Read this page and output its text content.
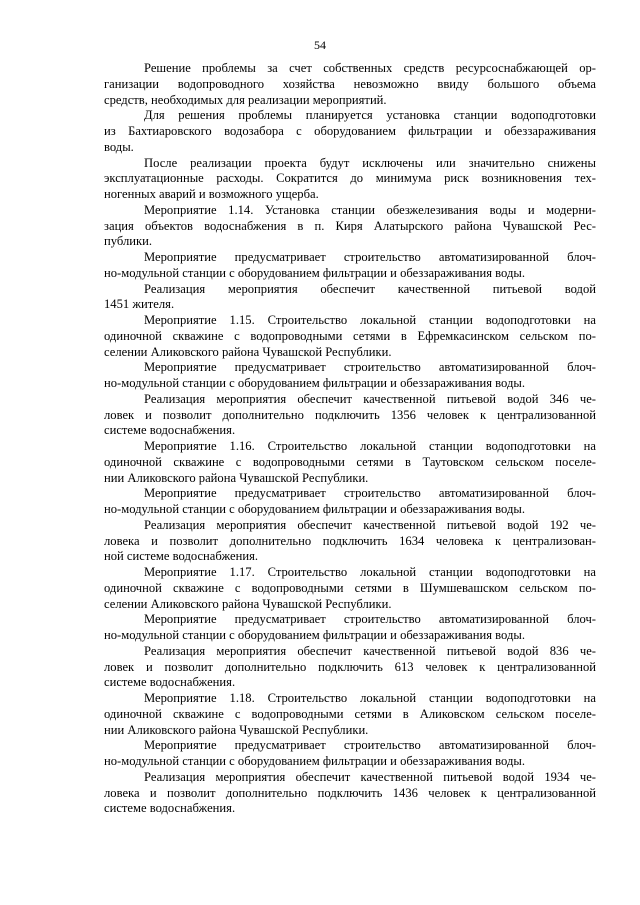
54
Решение проблемы за счет собственных средств ресурсоснабжающей ор-
ганизации водопроводного хозяйства невозможно ввиду большого объема
средств, необходимых для реализации мероприятий.
Для решения проблемы планируется установка станции водоподготовки
из Бахтиаровского водозабора с оборудованием фильтрации и обеззараживания
воды.
После реализации проекта будут исключены или значительно снижены
эксплуатационные расходы. Сократится до минимума риск возникновения тех-
ногенных аварий и возможного ущерба.
Мероприятие 1.14. Установка станции обезжелезивания воды и модерни-
зация объектов водоснабжения в п. Киря Алатырского района Чувашской Рес-
публики.
Мероприятие предусматривает строительство автоматизированной блоч-
но-модульной станции с оборудованием фильтрации и обеззараживания воды.
Реализация мероприятия обеспечит качественной питьевой водой
1451 жителя.
Мероприятие 1.15. Строительство локальной станции водоподготовки на
одиночной скважине с водопроводными сетями в Ефремкасинском сельском по-
селении Аликовского района Чувашской Республики.
Мероприятие предусматривает строительство автоматизированной блоч-
но-модульной станции с оборудованием фильтрации и обеззараживания воды.
Реализация мероприятия обеспечит качественной питьевой водой 346 че-
ловек и позволит дополнительно подключить 1356 человек к централизованной
системе водоснабжения.
Мероприятие 1.16. Строительство локальной станции водоподготовки на
одиночной скважине с водопроводными сетями в Таутовском сельском поселе-
нии Аликовского района Чувашской Республики.
Мероприятие предусматривает строительство автоматизированной блоч-
но-модульной станции с оборудованием фильтрации и обеззараживания воды.
Реализация мероприятия обеспечит качественной питьевой водой 192 че-
ловека и позволит дополнительно подключить 1634 человека к централизован-
ной системе водоснабжения.
Мероприятие 1.17. Строительство локальной станции водоподготовки на
одиночной скважине с водопроводными сетями в Шумшевашском сельском по-
селении Аликовского района Чувашской Республики.
Мероприятие предусматривает строительство автоматизированной блоч-
но-модульной станции с оборудованием фильтрации и обеззараживания воды.
Реализация мероприятия обеспечит качественной питьевой водой 836 че-
ловек и позволит дополнительно подключить 613 человек к централизованной
системе водоснабжения.
Мероприятие 1.18. Строительство локальной станции водоподготовки на
одиночной скважине с водопроводными сетями в Аликовском сельском поселе-
нии Аликовского района Чувашской Республики.
Мероприятие предусматривает строительство автоматизированной блоч-
но-модульной станции с оборудованием фильтрации и обеззараживания воды.
Реализация мероприятия обеспечит качественной питьевой водой 1934 че-
ловека и позволит дополнительно подключить 1436 человек к централизованной
системе водоснабжения.
